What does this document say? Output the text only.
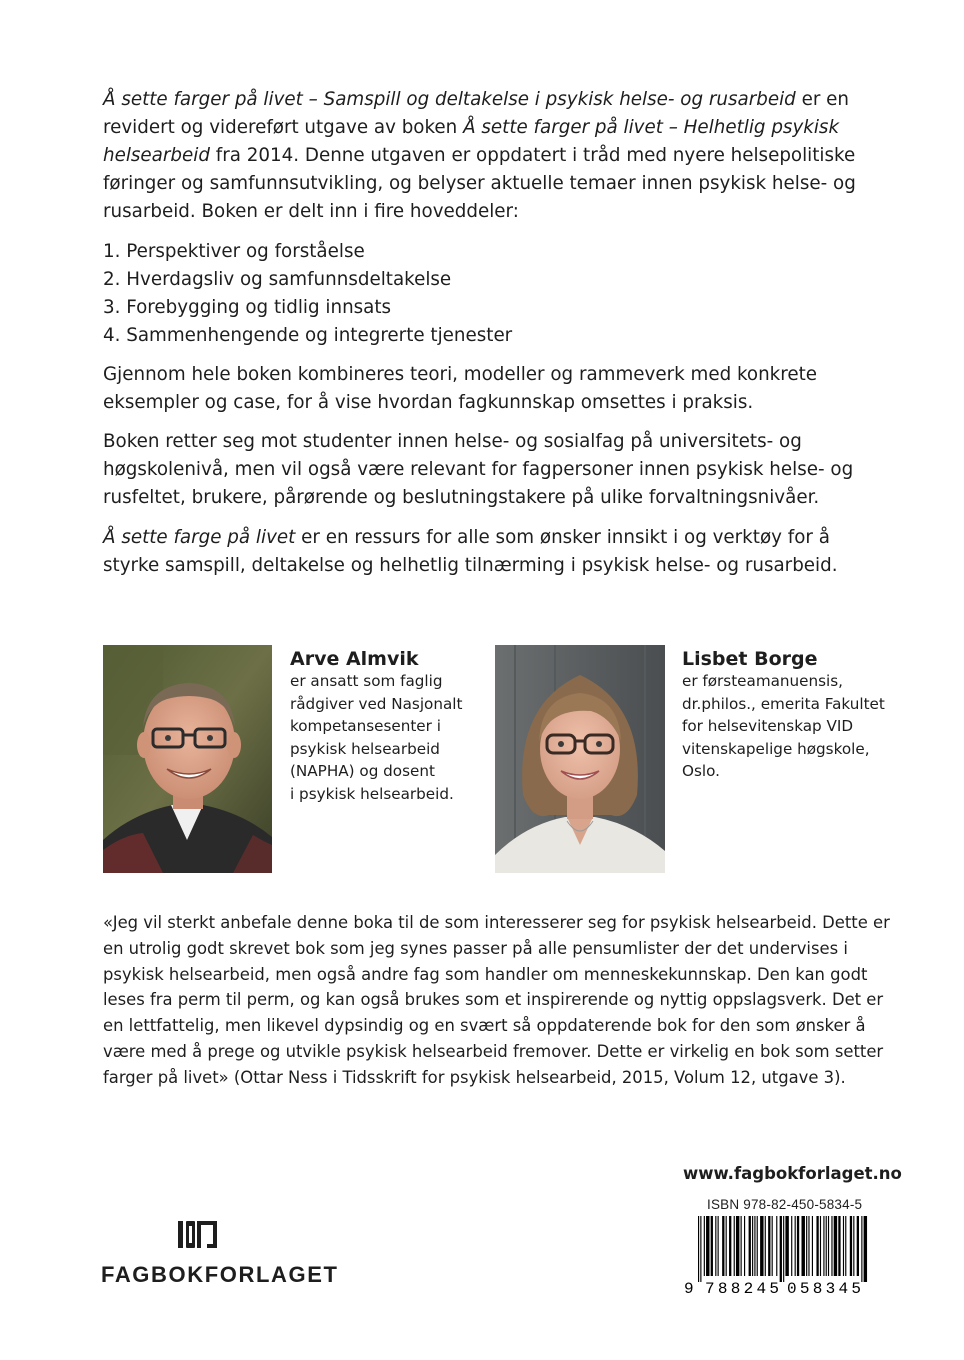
Å sette farger på livet – Samspill og deltakelse i psykisk helse- og rusarbeid er en revidert og videreført utgave av boken Å sette farger på livet – Helhetlig psykisk helsearbeid fra 2014. Denne utgaven er oppdatert i tråd med nyere helsepolitiske føringer og samfunnsutvikling, og belyser aktuelle temaer innen psykisk helse- og rusarbeid. Boken er delt inn i fire hoveddeler:

1. Perspektiver og forståelse
2. Hverdagsliv og samfunnsdeltakelse
3. Forebygging og tidlig innsats
4. Sammenhengende og integrerte tjenester

Gjennom hele boken kombineres teori, modeller og rammeverk med konkrete eksempler og case, for å vise hvordan fagkunnskap omsettes i praksis.

Boken retter seg mot studenter innen helse- og sosialfag på universitets- og høgskolenivå, men vil også være relevant for fagpersoner innen psykisk helse- og rusfeltet, brukere, pårørende og beslutningstakere på ulike forvaltningsnivåer.

Å sette farge på livet er en ressurs for alle som ønsker innsikt i og verktøy for å styrke samspill, deltakelse og helhetlig tilnærming i psykisk helse- og rusarbeid.

Arve Almvik
er ansatt som faglig
rådgiver ved Nasjonalt
kompetansesenter i
psykisk helsearbeid
(NAPHA) og dosent
i psykisk helsearbeid.
Lisbet Borge
er førsteamanuensis,
dr.philos., emerita Fakultet
for helsevitenskap VID
vitenskapelige høgskole,
Oslo.

«Jeg vil sterkt anbefale denne boka til de som interesserer seg for psykisk helsearbeid. Dette er en utrolig godt skrevet bok som jeg synes passer på alle pensumlister der det undervises i psykisk helsearbeid, men også andre fag som handler om menneskekunnskap. Den kan godt leses fra perm til perm, og kan også brukes som et inspirerende og nyttig oppslagsverk. Det er en lettfattelig, men likevel dypsindig og en svært så oppdaterende bok for den som ønsker å være med å prege og utvikle psykisk helsearbeid fremover. Dette er virkelig en bok som setter farger på livet» (Ottar Ness i Tidsskrift for psykisk helsearbeid, 2015, Volum 12, utgave 3).

www.fagbokforlaget.no
ISBN 978-82-450-5834-5
9 788245 058345
FAGBOKFORLAGET
